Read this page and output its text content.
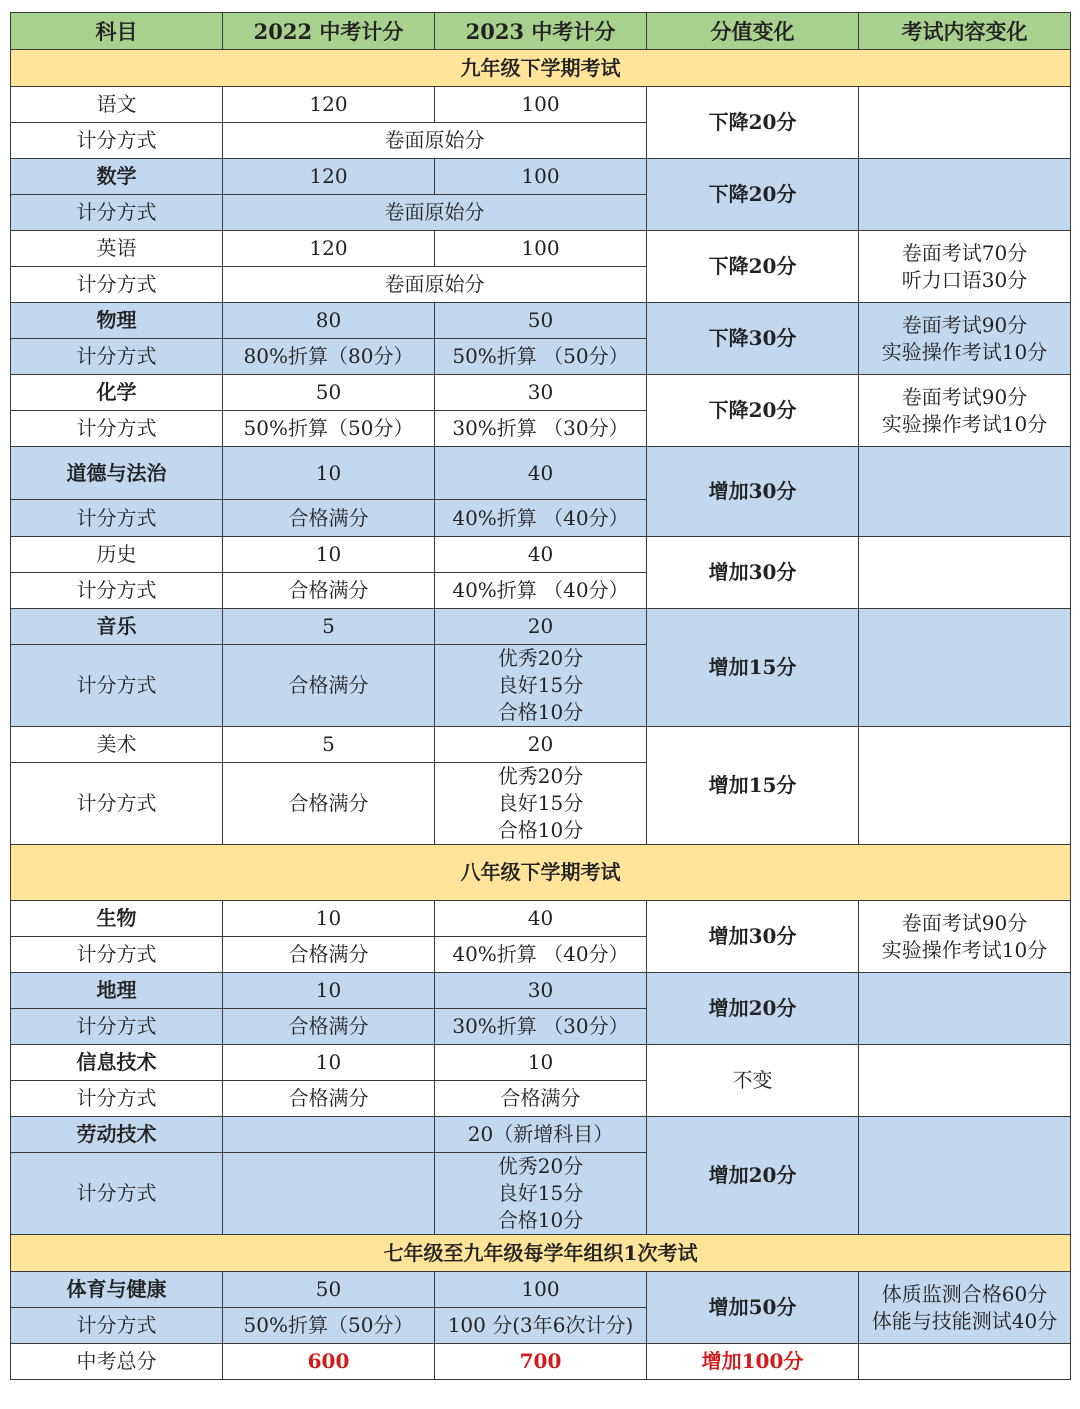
科目	2022 中考计分	2023 中考计分	分值变化	考试内容变化
九年级下学期考试				
语文	120	100	下降20分	
计分方式	卷面原始分			
数学	120	100	下降20分	
计分方式	卷面原始分			
英语	120	100	下降20分	卷面考试70分
听力口语30分
计分方式	卷面原始分			
物理	80	50	下降30分	卷面考试90分
实验操作考试10分
计分方式	80%折算（80分）	50%折算 （50分）		
化学	50	30	下降20分	卷面考试90分
实验操作考试10分
计分方式	50%折算（50分）	30%折算 （30分）		
道德与法治	10	40	增加30分	
计分方式	合格满分	40%折算 （40分）		
历史	10	40	增加30分	
计分方式	合格满分	40%折算 （40分）		
音乐	5	20	增加15分	
计分方式	合格满分	优秀20分
良好15分
合格10分		
美术	5	20	增加15分	
计分方式	合格满分	优秀20分
良好15分
合格10分		
八年级下学期考试				
生物	10	40	增加30分	卷面考试90分
实验操作考试10分
计分方式	合格满分	40%折算 （40分）		
地理	10	30	增加20分	
计分方式	合格满分	30%折算 （30分）		
信息技术	10	10	不变	
计分方式	合格满分	合格满分		
劳动技术		20（新增科目）	增加20分	
计分方式		优秀20分
良好15分
合格10分		
七年级至九年级每学年组织1次考试				
体育与健康	50	100	增加50分	体质监测合格60分
体能与技能测试40分
计分方式	50%折算（50分）	100 分(3年6次计分)		
中考总分	600	700	增加100分	
